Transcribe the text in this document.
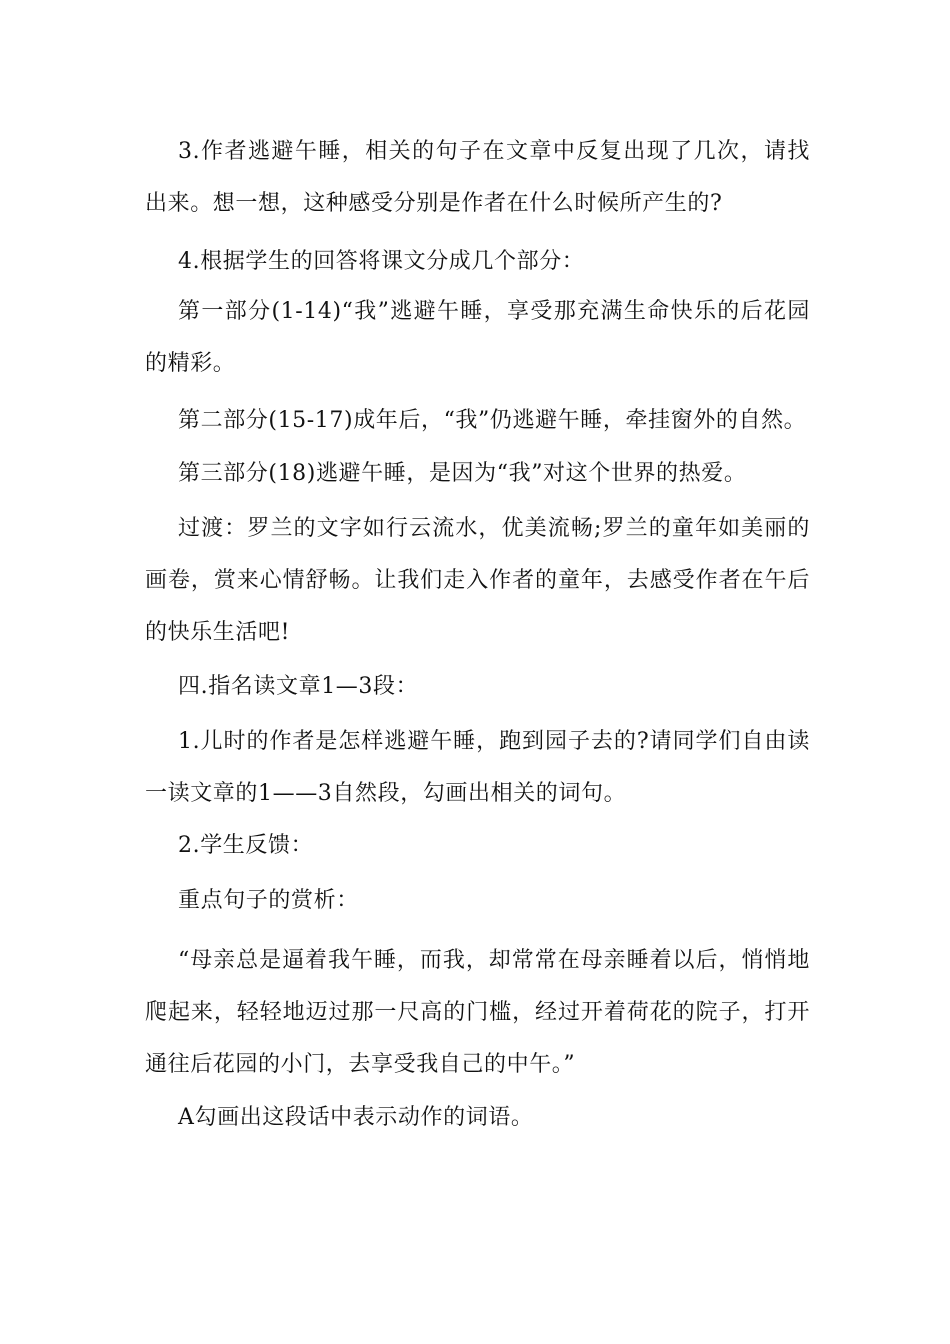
3.作者逃避午睡，相关的句子在文章中反复出现了几次，请找出来。想一想，这种感受分别是作者在什么时候所产生的?

4.根据学生的回答将课文分成几个部分：

第一部分(1-14)“我”逃避午睡，享受那充满生命快乐的后花园的精彩。

第二部分(15-17)成年后，“我”仍逃避午睡，牵挂窗外的自然。

第三部分(18)逃避午睡，是因为“我”对这个世界的热爱。

过渡：罗兰的文字如行云流水，优美流畅;罗兰的童年如美丽的画卷，赏来心情舒畅。让我们走入作者的童年，去感受作者在午后的快乐生活吧!

四.指名读文章1—3段：

1.儿时的作者是怎样逃避午睡，跑到园子去的?请同学们自由读一读文章的1——3自然段，勾画出相关的词句。

2.学生反馈：

重点句子的赏析：

“母亲总是逼着我午睡，而我，却常常在母亲睡着以后，悄悄地爬起来，轻轻地迈过那一尺高的门槛，经过开着荷花的院子，打开通往后花园的小门，去享受我自己的中午。”

A勾画出这段话中表示动作的词语。
